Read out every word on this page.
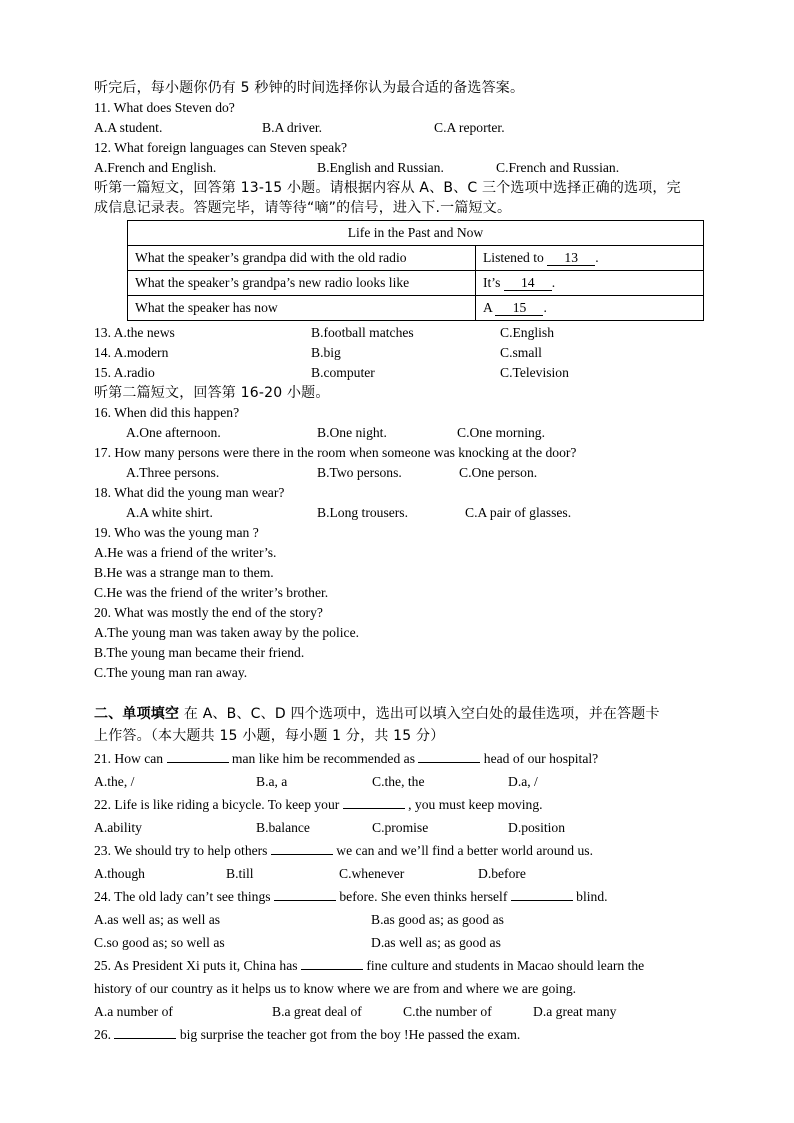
听完后，每小题你仍有 5 秒钟的时间选择你认为最合适的备选答案。
11. What does Steven do?
A.A student.	B.A driver.	C.A reporter.
12. What foreign languages can Steven speak?
A.French and English.	B.English and Russian.	C.French and Russian.
听第一篇短文，回答第 13-15 小题。请根据内容从 A、B、C 三个选项中选择正确的选项，完
成信息记录表。答题完毕，请等待“嘀”的信号，进入下.一篇短文。
Life in the Past and Now	
What the speaker’s grandpa did with the old radio	Listened to 13 .
What the speaker’s grandpa’s new radio looks like	It’s 14 .
What the speaker has now	A 15 .
13. A.the news	B.football matches	C.English
14. A.modern	B.big	C.small
15. A.radio	B.computer	C.Television
听第二篇短文，回答第 16-20 小题。
16. When did this happen?
A.One afternoon.	B.One night.	C.One morning.
17. How many persons were there in the room when someone was knocking at the door?
A.Three persons.	B.Two persons.	C.One person.
18. What did the young man wear?
A.A white shirt.	B.Long trousers.	C.A pair of glasses.
19. Who was the young man ?
A.He was a friend of the writer’s.
B.He was a strange man to them.
C.He was the friend of the writer’s brother.
20. What was mostly the end of the story?
A.The young man was taken away by the police.
B.The young man became their friend.
C.The young man ran away.
二、单项填空 在 A、B、C、D 四个选项中，选出可以填入空白处的最佳选项，并在答题卡
上作答。（本大题共 15 小题，每小题 1 分，共 15 分）
21. How can	man like him be recommended as	head of our hospital?
A.the, /	B.a, a	C.the, the	D.a, /
22. Life is like riding a bicycle. To keep your	, you must keep moving.
A.ability	B.balance	C.promise	D.position
23. We should try to help others	we can and we’ll find a better world around us.
A.though	B.till	C.whenever	D.before
24. The old lady can’t see things	before. She even thinks herself	blind.
A.as well as; as well as	B.as good as; as good as
C.so good as; so well as	D.as well as; as good as
25. As President Xi puts it, China has	fine culture and students in Macao should learn the
history of our country as it helps us to know where we are from and where we are going.
A.a number of	B.a great deal of	C.the number of	D.a great many
26.	big surprise the teacher got from the boy !He passed the exam.
